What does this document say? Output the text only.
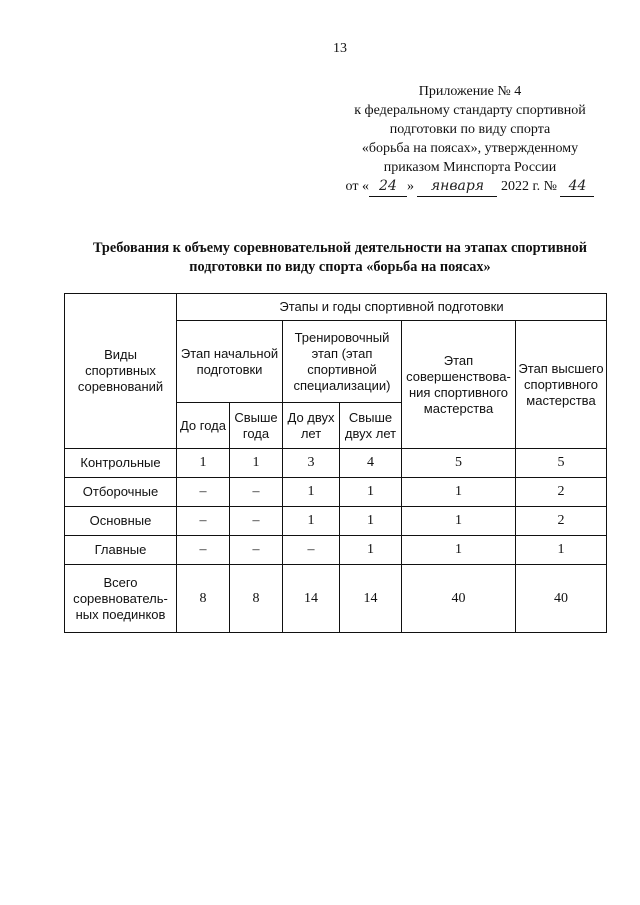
13
Приложение № 4
к федеральному стандарту спортивной
подготовки по виду спорта
«борьба на поясах», утвержденному
приказом Минспорта России
от « 24 » января 2022 г. № 44
Требования к объему соревновательной деятельности на этапах спортивной
подготовки по виду спорта «борьба на поясах»
Виды спортивных соревнований	Этапы и годы спортивной подготовки					
	Этап начальной подготовки		Тренировочный этап (этап спортивной специализации)		Этап совершенствова-ния спортивного мастерства	Этап высшего спортивного мастерства
	До года	Свыше года	До двух лет	Свыше двух лет		
Контрольные	1	1	3	4	5	5
Отборочные	–	–	1	1	1	2
Основные	–	–	1	1	1	2
Главные	–	–	–	1	1	1
Всего соревнователь-ных поединков	8	8	14	14	40	40
